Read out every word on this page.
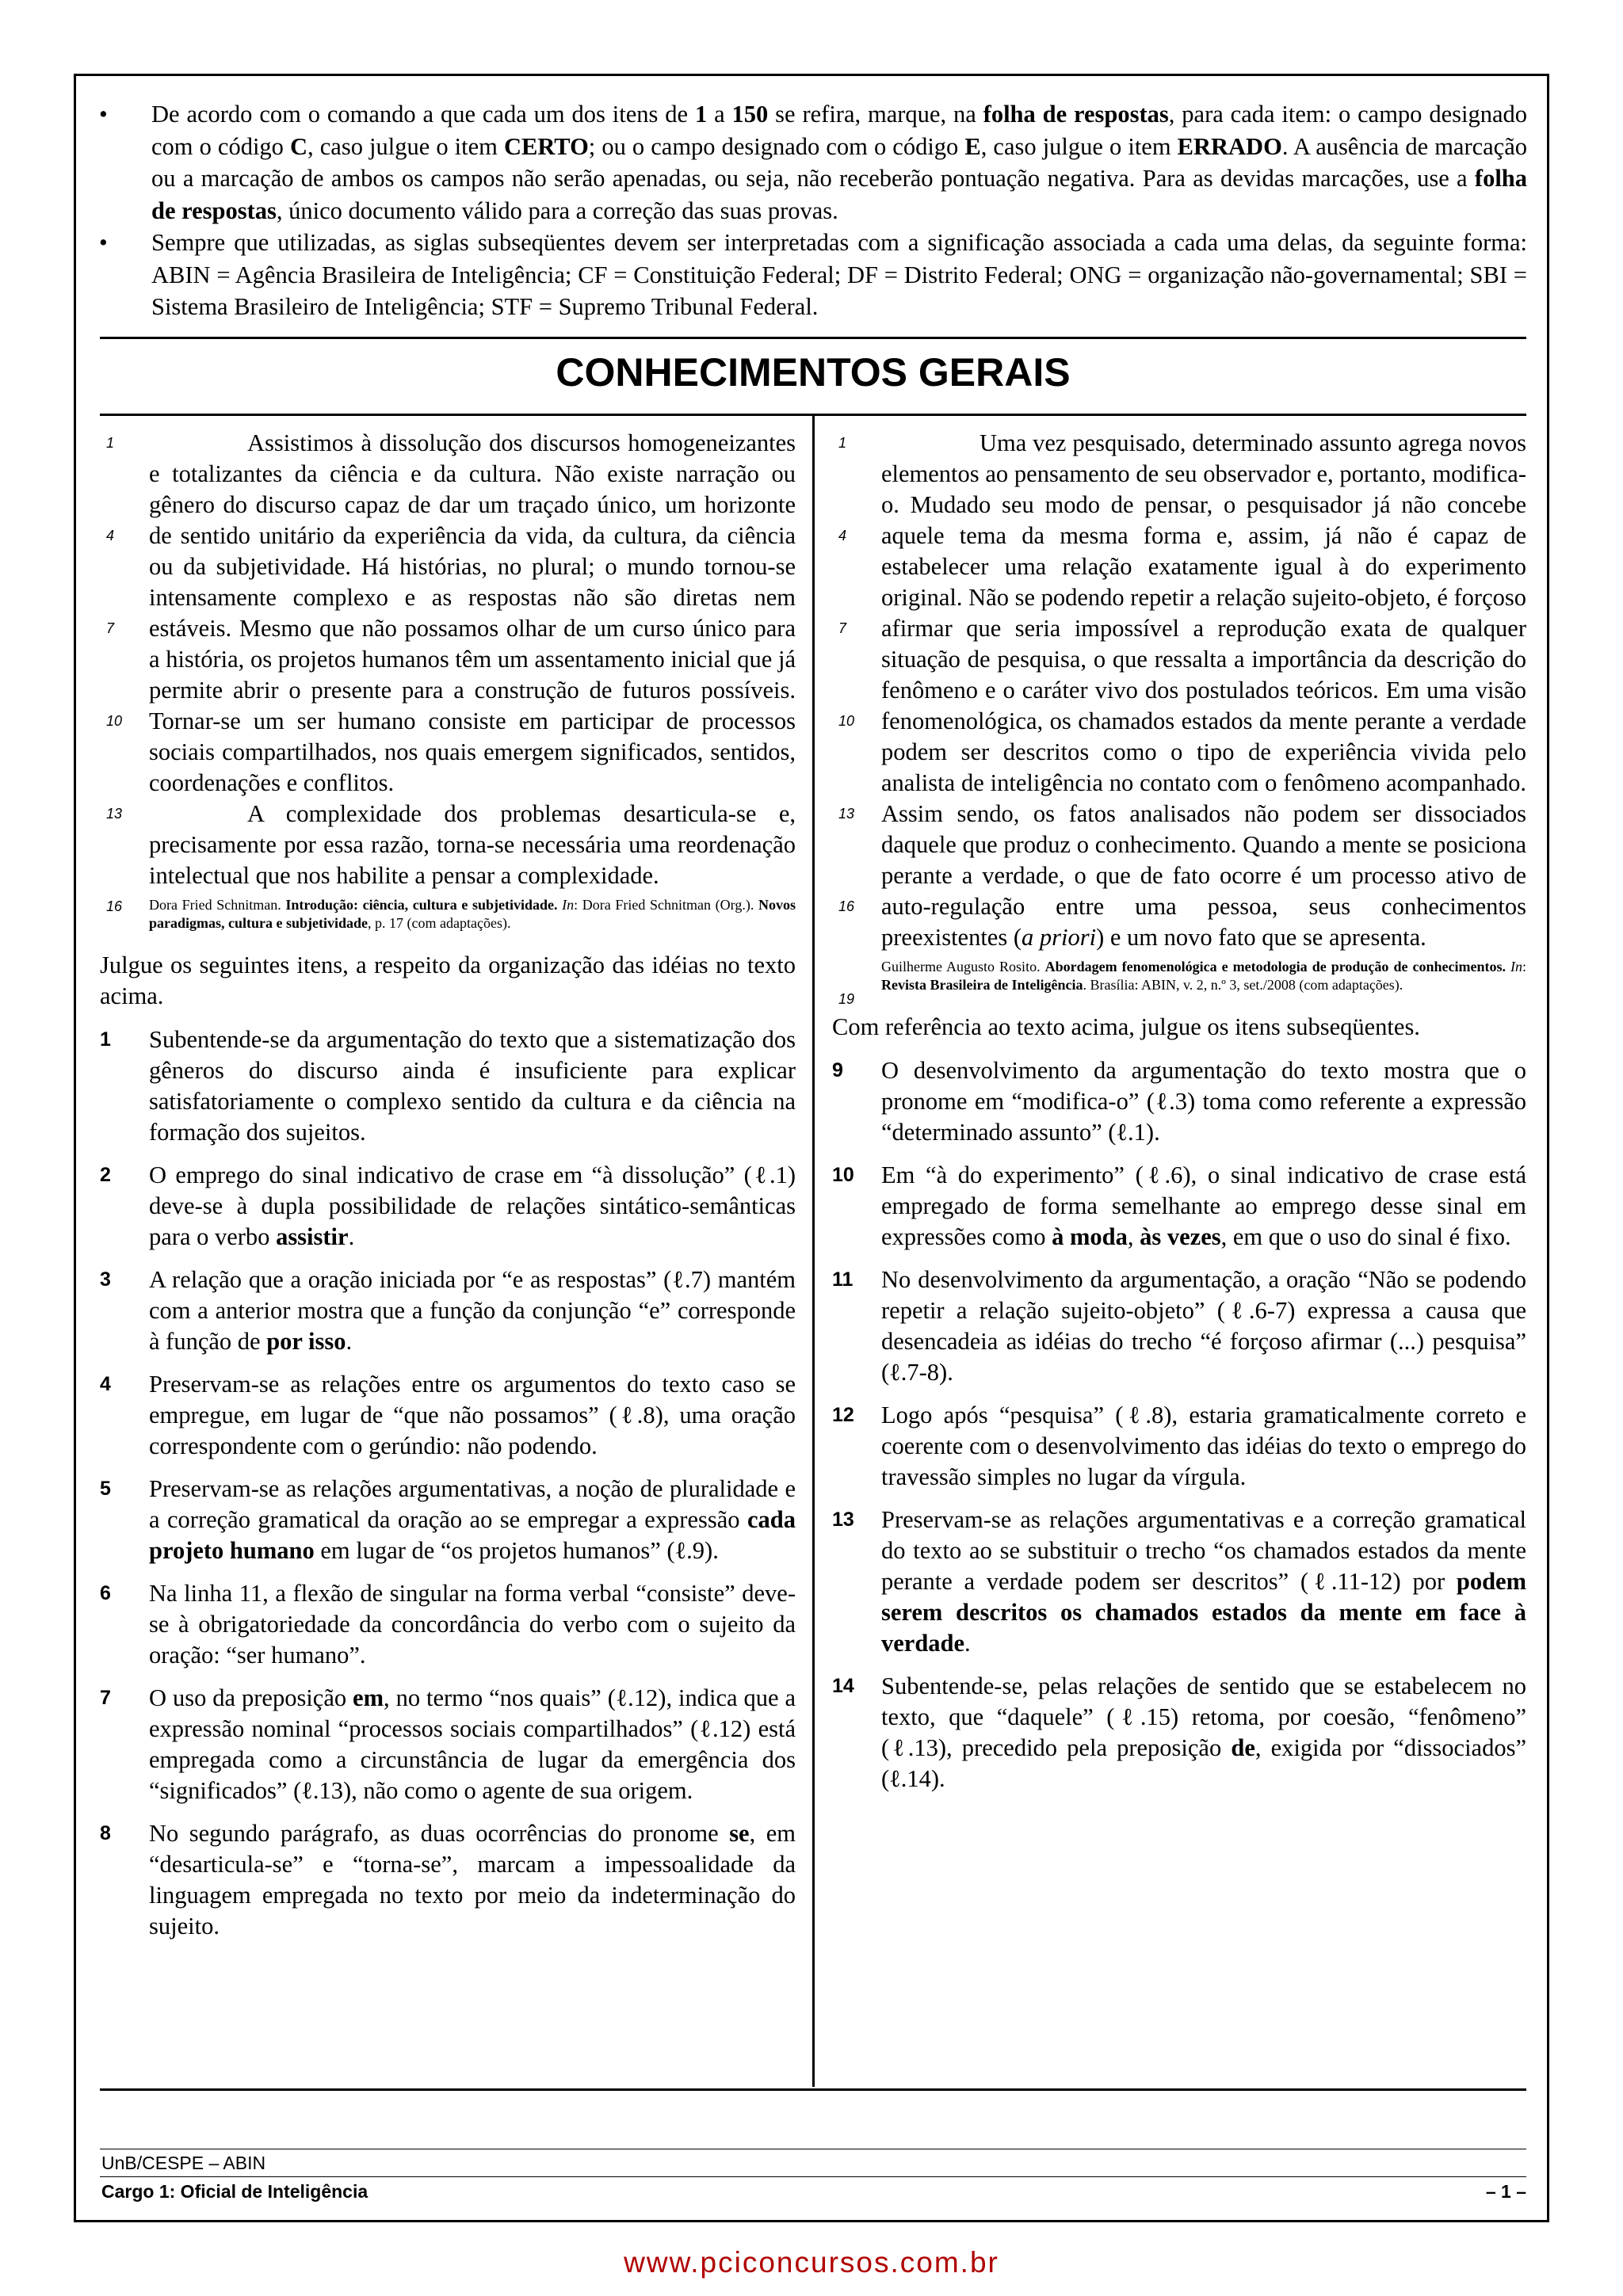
• De acordo com o comando a que cada um dos itens de 1 a 150 se refira, marque, na folha de respostas, para cada item: o campo designado com o código C, caso julgue o item CERTO; ou o campo designado com o código E, caso julgue o item ERRADO. A ausência de marcação ou a marcação de ambos os campos não serão apenadas, ou seja, não receberão pontuação negativa. Para as devidas marcações, use a folha de respostas, único documento válido para a correção das suas provas.
• Sempre que utilizadas, as siglas subseqüentes devem ser interpretadas com a significação associada a cada uma delas, da seguinte forma: ABIN = Agência Brasileira de Inteligência; CF = Constituição Federal; DF = Distrito Federal; ONG = organização não-governamental; SBI = Sistema Brasileiro de Inteligência; STF = Supremo Tribunal Federal.
CONHECIMENTOS GERAIS
1
4
7
10
13
16

Assistimos à dissolução dos discursos homogeneizantes e totalizantes da ciência e da cultura. Não existe narração ou gênero do discurso capaz de dar um traçado único, um horizonte de sentido unitário da experiência da vida, da cultura, da ciência ou da subjetividade. Há histórias, no plural; o mundo tornou-se intensamente complexo e as respostas não são diretas nem estáveis. Mesmo que não possamos olhar de um curso único para a história, os projetos humanos têm um assentamento inicial que já permite abrir o presente para a construção de futuros possíveis. Tornar-se um ser humano consiste em participar de processos sociais compartilhados, nos quais emergem significados, sentidos, coordenações e conflitos.

A complexidade dos problemas desarticula-se e, precisamente por essa razão, torna-se necessária uma reordenação intelectual que nos habilite a pensar a complexidade.

Dora Fried Schnitman. Introdução: ciência, cultura e subjetividade. In: Dora Fried Schnitman (Org.). Novos paradigmas, cultura e subjetividade, p. 17 (com adaptações).

Julgue os seguintes itens, a respeito da organização das idéias no texto acima.

1 Subentende-se da argumentação do texto que a sistematização dos gêneros do discurso ainda é insuficiente para explicar satisfatoriamente o complexo sentido da cultura e da ciência na formação dos sujeitos.
2 O emprego do sinal indicativo de crase em “à dissolução” (ℓ.1) deve-se à dupla possibilidade de relações sintático-semânticas para o verbo assistir.
3 A relação que a oração iniciada por “e as respostas” (ℓ.7) mantém com a anterior mostra que a função da conjunção “e” corresponde à função de por isso.
4 Preservam-se as relações entre os argumentos do texto caso se empregue, em lugar de “que não possamos” (ℓ.8), uma oração correspondente com o gerúndio: não podendo.
5 Preservam-se as relações argumentativas, a noção de pluralidade e a correção gramatical da oração ao se empregar a expressão cada projeto humano em lugar de “os projetos humanos” (ℓ.9).
6 Na linha 11, a flexão de singular na forma verbal “consiste” deve-se à obrigatoriedade da concordância do verbo com o sujeito da oração: “ser humano”.
7 O uso da preposição em, no termo “nos quais” (ℓ.12), indica que a expressão nominal “processos sociais compartilhados” (ℓ.12) está empregada como a circunstância de lugar da emergência dos “significados” (ℓ.13), não como o agente de sua origem.
8 No segundo parágrafo, as duas ocorrências do pronome se, em “desarticula-se” e “torna-se”, marcam a impessoalidade da linguagem empregada no texto por meio da indeterminação do sujeito.
1
4
7
10
13
16
19

Uma vez pesquisado, determinado assunto agrega novos elementos ao pensamento de seu observador e, portanto, modifica-o. Mudado seu modo de pensar, o pesquisador já não concebe aquele tema da mesma forma e, assim, já não é capaz de estabelecer uma relação exatamente igual à do experimento original. Não se podendo repetir a relação sujeito-objeto, é forçoso afirmar que seria impossível a reprodução exata de qualquer situação de pesquisa, o que ressalta a importância da descrição do fenômeno e o caráter vivo dos postulados teóricos. Em uma visão fenomenológica, os chamados estados da mente perante a verdade podem ser descritos como o tipo de experiência vivida pelo analista de inteligência no contato com o fenômeno acompanhado. Assim sendo, os fatos analisados não podem ser dissociados daquele que produz o conhecimento. Quando a mente se posiciona perante a verdade, o que de fato ocorre é um processo ativo de auto-regulação entre uma pessoa, seus conhecimentos preexistentes (a priori) e um novo fato que se apresenta.

Guilherme Augusto Rosito. Abordagem fenomenológica e metodologia de produção de conhecimentos. In: Revista Brasileira de Inteligência. Brasília: ABIN, v. 2, n.º 3, set./2008 (com adaptações).

Com referência ao texto acima, julgue os itens subseqüentes.

9 O desenvolvimento da argumentação do texto mostra que o pronome em “modifica-o” (ℓ.3) toma como referente a expressão “determinado assunto” (ℓ.1).
10 Em “à do experimento” (ℓ.6), o sinal indicativo de crase está empregado de forma semelhante ao emprego desse sinal em expressões como à moda, às vezes, em que o uso do sinal é fixo.
11 No desenvolvimento da argumentação, a oração “Não se podendo repetir a relação sujeito-objeto” (ℓ.6-7) expressa a causa que desencadeia as idéias do trecho “é forçoso afirmar (...) pesquisa” (ℓ.7-8).
12 Logo após “pesquisa” (ℓ.8), estaria gramaticalmente correto e coerente com o desenvolvimento das idéias do texto o emprego do travessão simples no lugar da vírgula.
13 Preservam-se as relações argumentativas e a correção gramatical do texto ao se substituir o trecho “os chamados estados da mente perante a verdade podem ser descritos” (ℓ.11-12) por podem serem descritos os chamados estados da mente em face à verdade.
14 Subentende-se, pelas relações de sentido que se estabelecem no texto, que “daquele” (ℓ.15) retoma, por coesão, “fenômeno” (ℓ.13), precedido pela preposição de, exigida por “dissociados” (ℓ.14).
UnB/CESPE – ABIN
Cargo 1: Oficial de Inteligência	– 1 –
www.pciconcursos.com.br
